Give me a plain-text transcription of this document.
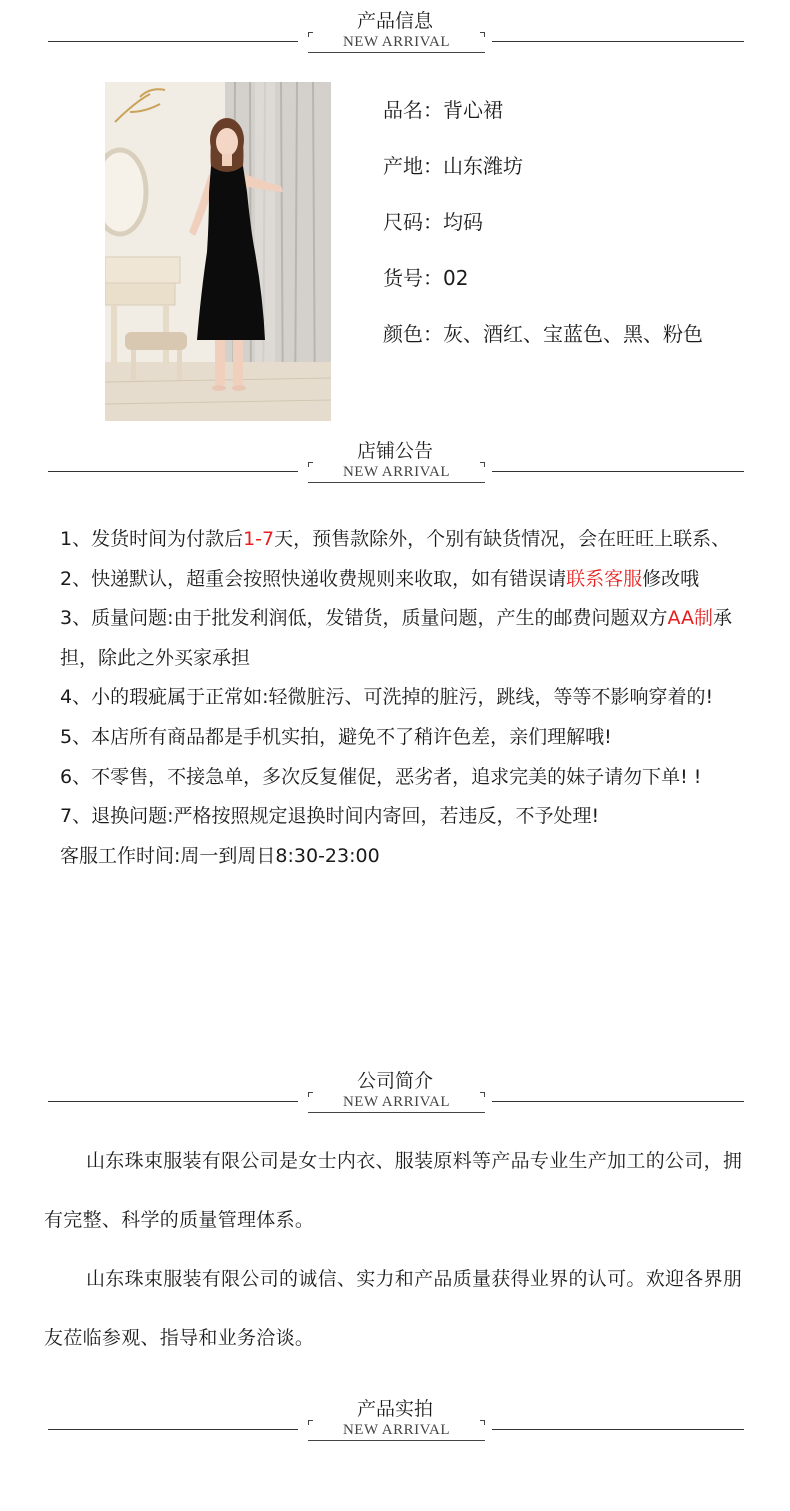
产品信息
NEW ARRIVAL
品名：背心裙
产地：山东潍坊
尺码：均码
货号：02
颜色：灰、酒红、宝蓝色、黑、粉色
店铺公告
NEW ARRIVAL

1、发货时间为付款后1-7天，预售款除外，个别有缺货情况，会在旺旺上联系、

2、快递默认，超重会按照快递收费规则来收取，如有错误请联系客服修改哦

3、质量问题:由于批发利润低，发错货，质量问题，产生的邮费问题双方AA制承担，除此之外买家承担

4、小的瑕疵属于正常如:轻微脏污、可洗掉的脏污，跳线，等等不影响穿着的!

5、本店所有商品都是手机实拍，避免不了稍许色差，亲们理解哦!

6、不零售，不接急单，多次反复催促，恶劣者，追求完美的妹子请勿下单! !

7、退换问题:严格按照规定退换时间内寄回，若违反，不予处理!

客服工作时间:周一到周日8:30-23:00

公司简介
NEW ARRIVAL

山东珠束服装有限公司是女士内衣、服装原料等产品专业生产加工的公司，拥有完整、科学的质量管理体系。

山东珠束服装有限公司的诚信、实力和产品质量获得业界的认可。欢迎各界朋友莅临参观、指导和业务洽谈。

产品实拍
NEW ARRIVAL
